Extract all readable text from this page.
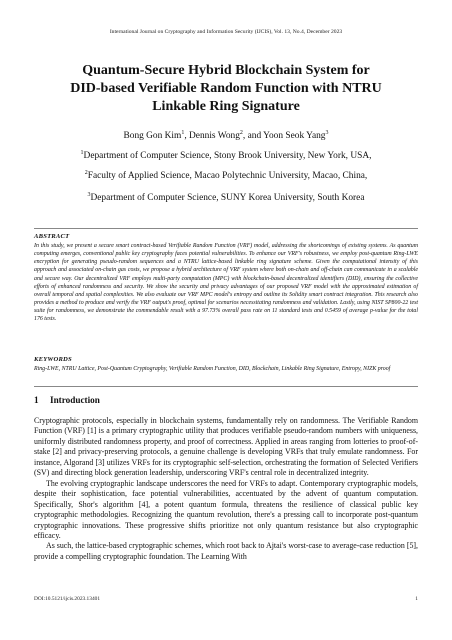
International Journal on Cryptography and Information Security (IJCIS), Vol. 13, No.4, December 2023
Quantum-Secure Hybrid Blockchain System for
DID-based Verifiable Random Function with NTRU
Linkable Ring Signature
Bong Gon Kim$^1$, Dennis Wong$^2$, and Yoon Seok Yang$^3$
$^1$Department of Computer Science, Stony Brook University, New York, USA,
$^2$Faculty of Applied Science, Macao Polytechnic University, Macao, China,
$^3$Department of Computer Science, SUNY Korea University, South Korea
ABSTRACT
In this study, we present a secure smart contract-based Verifiable Random Function (VRF) model, addressing the shortcomings of existing systems. As quantum computing emerges, conventional public key cryptography faces potential vulnerabilities. To enhance our VRF's robustness, we employ post-quantum Ring-LWE encryption for generating pseudo-random sequences and a NTRU lattice-based linkable ring signature scheme. Given the computational intensity of this approach and associated on-chain gas costs, we propose a hybrid architecture of VRF system where both on-chain and off-chain can communicate in a scalable and secure way. Our decentralized VRF employs multi-party computation (MPC) with blockchain-based decentralized identifiers (DID), ensuring the collective efforts of enhanced randomness and security. We show the security and privacy advantages of our proposed VRF model with the approximated estimation of overall temporal and spatial complexities. We also evaluate our VRF MPC model's entropy and outline its Solidity smart contract integration. This research also provides a method to produce and verify the VRF output's proof, optimal for scenarios necessitating randomness and validation. Lastly, using NIST SP800-22 test suite for randomness, we demonstrate the commendable result with a 97.73% overall pass rate on 11 standard tests and 0.5459 of average p-value for the total 176 tests.
KEYWORDS
Ring-LWE, NTRU Lattice, Post-Quantum Cryptography, Verifiable Random Function, DID, Blockchain, Linkable Ring Signature, Entropy, NIZK proof
1 Introduction

Cryptographic protocols, especially in blockchain systems, fundamentally rely on randomness. The Verifiable Random Function (VRF) [1] is a primary cryptographic utility that produces verifiable pseudo-random numbers with uniqueness, uniformly distributed randomness property, and proof of correctness. Applied in areas ranging from lotteries to proof-of-stake [2] and privacy-preserving protocols, a genuine challenge is developing VRFs that truly emulate randomness. For instance, Algorand [3] utilizes VRFs for its cryptographic self-selection, orchestrating the formation of Selected Verifiers (SV) and directing block generation leadership, underscoring VRF's central role in decentralized integrity.

The evolving cryptographic landscape underscores the need for VRFs to adapt. Contemporary cryptographic models, despite their sophistication, face potential vulnerabilities, accentuated by the advent of quantum computation. Specifically, Shor's algorithm [4], a potent quantum formula, threatens the resilience of classical public key cryptographic methodologies. Recognizing the quantum revolution, there's a pressing call to incorporate post-quantum cryptographic innovations. These progressive shifts prioritize not only quantum resistance but also cryptographic efficacy.

As such, the lattice-based cryptographic schemes, which root back to Ajtai's worst-case to average-case reduction [5], provide a compelling cryptographic foundation. The Learning With

DOI:10.5121/ijcis.2023.13401	1
